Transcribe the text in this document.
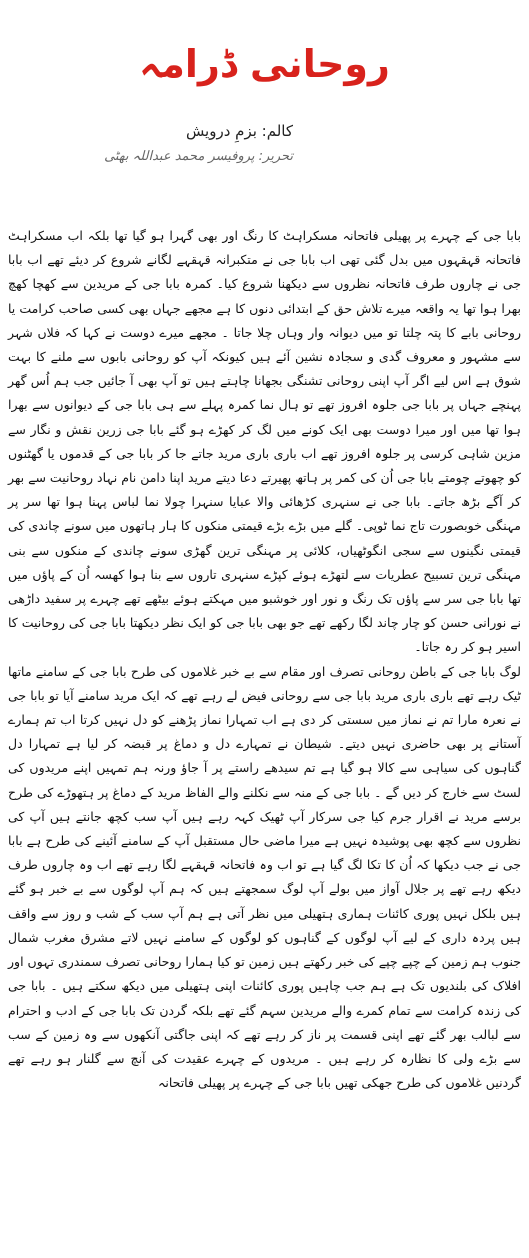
روحانی ڈرامہ
کالم: بزمِ درویش
تحریر: پروفیسر محمد عبداللہ بھٹی

بابا جی کے چہرے پر پھیلی فاتحانہ مسکراہٹ کا رنگ اور بھی گہرا ہو گیا تھا بلکہ اب مسکراہٹ فاتحانہ قہقہوں میں بدل گئی تھی اب بابا جی نے متکبرانہ قہقہے لگانے شروع کر دیئے تھے اب بابا جی نے چاروں طرف فاتحانہ نظروں سے دیکھنا شروع کیا۔ کمرہ بابا جی کے مریدین سے کھچا کھچ بھرا ہوا تھا یہ واقعہ میرے تلاش حق کے ابتدائی دنوں کا ہے مجھے جہاں بھی کسی صاحب کرامت یا روحانی بابے کا پتہ چلتا تو میں دیوانہ وار وہاں چلا جاتا ۔ مجھے میرے دوست نے کہا کہ فلاں شہر سے مشہور و معروف گدی و سجادہ نشین آئے ہیں کیونکہ آپ کو روحانی بابوں سے ملنے کا بہت شوق ہے اس لیے اگر آپ اپنی روحانی تشنگی بجھانا چاہتے ہیں تو آپ بھی آ جائیں جب ہم اُس گھر پہنچے جہاں پر بابا جی جلوہ افروز تھے تو ہال نما کمرہ پہلے سے ہی بابا جی کے دیوانوں سے بھرا ہوا تھا میں اور میرا دوست بھی ایک کونے میں لگ کر کھڑے ہو گئے بابا جی زرین نقش و نگار سے مزین شاہی کرسی پر جلوہ افروز تھے اب باری باری مرید جاتے جا کر بابا جی کے قدموں یا گھٹنوں کو چھوتے چومتے بابا جی اُن کی کمر پر ہاتھ پھیرتے دعا دیتے مرید اپنا دامن نام نہاد روحانیت سے بھر کر آگے بڑھ جاتے۔ بابا جی نے سنہری کڑھائی والا عبایا سنہرا چولا نما لباس پہنا ہوا تھا سر پر مہنگی خوبصورت تاج نما ٹوپی۔ گلے میں بڑے بڑے قیمتی منکوں کا ہار ہاتھوں میں سونے چاندی کی قیمتی نگینوں سے سجی انگوٹھیاں، کلائی پر مہنگی ترین گھڑی سونے چاندی کے منکوں سے بنی مہنگی ترین تسبیح عطریات سے لتھڑے ہوئے کپڑے سنہری تاروں سے بنا ہوا کھسہ اُن کے پاؤں میں تھا بابا جی سر سے پاؤں تک رنگ و نور اور خوشبو میں مہکتے ہوئے بیٹھے تھے چہرے پر سفید داڑھی نے نورانی حسن کو چار چاند لگا رکھے تھے جو بھی بابا جی کو ایک نظر دیکھتا بابا جی کی روحانیت کا اسیر ہو کر رہ جاتا۔

لوگ بابا جی کے باطن روحانی تصرف اور مقام سے بے خبر غلاموں کی طرح بابا جی کے سامنے ماتھا ٹیک رہے تھے باری باری مرید بابا جی سے روحانی فیض لے رہے تھے کہ ایک مرید سامنے آیا تو بابا جی نے نعرہ مارا تم نے نماز میں سستی کر دی ہے اب تمہارا نماز پڑھنے کو دل نہیں کرتا اب تم ہمارے آستانے پر بھی حاضری نہیں دیتے۔ شیطان نے تمہارے دل و دماغ پر قبضہ کر لیا ہے تمہارا دل گناہوں کی سیاہی سے کالا ہو گیا ہے تم سیدھے راستے پر آ جاؤ ورنہ ہم تمہیں اپنے مریدوں کی لسٹ سے خارج کر دیں گے ۔ بابا جی کے منہ سے نکلنے والے الفاظ مرید کے دماغ پر ہتھوڑے کی طرح برسے مرید نے اقرار جرم کیا جی سرکار آپ ٹھیک کہہ رہے ہیں آپ سب کچھ جانتے ہیں آپ کی نظروں سے کچھ بھی پوشیدہ نہیں ہے میرا ماضی حال مستقبل آپ کے سامنے آئینے کی طرح ہے بابا جی نے جب دیکھا کہ اُن کا تکا لگ گیا ہے تو اب وہ فاتحانہ قہقہے لگا رہے تھے اب وہ چاروں طرف دیکھ رہے تھے پر جلال آواز میں بولے آپ لوگ سمجھتے ہیں کہ ہم آپ لوگوں سے بے خبر ہو گئے ہیں بلکل نہیں پوری کائنات ہماری ہتھیلی میں نظر آتی ہے ہم آپ سب کے شب و روز سے واقف ہیں پردہ داری کے لیے آپ لوگوں کے گناہوں کو لوگوں کے سامنے نہیں لاتے مشرق مغرب شمال جنوب ہم زمین کے چپے چپے کی خبر رکھتے ہیں زمین تو کیا ہمارا روحانی تصرف سمندری تہوں اور افلاک کی بلندیوں تک ہے ہم جب چاہیں پوری کائنات اپنی ہتھیلی میں دیکھ سکتے ہیں ۔ بابا جی کی زندہ کرامت سے تمام کمرے والے مریدین سہم گئے تھے بلکہ گردن تک بابا جی کے ادب و احترام سے لبالب بھر گئے تھے اپنی قسمت پر ناز کر رہے تھے کہ اپنی جاگتی آنکھوں سے وہ زمین کے سب سے بڑے ولی کا نظارہ کر رہے ہیں ۔ مریدوں کے چہرے عقیدت کی آنچ سے گلنار ہو رہے تھے گردنیں غلاموں کی طرح جھکی تھیں بابا جی کے چہرے پر پھیلی فاتحانہ
